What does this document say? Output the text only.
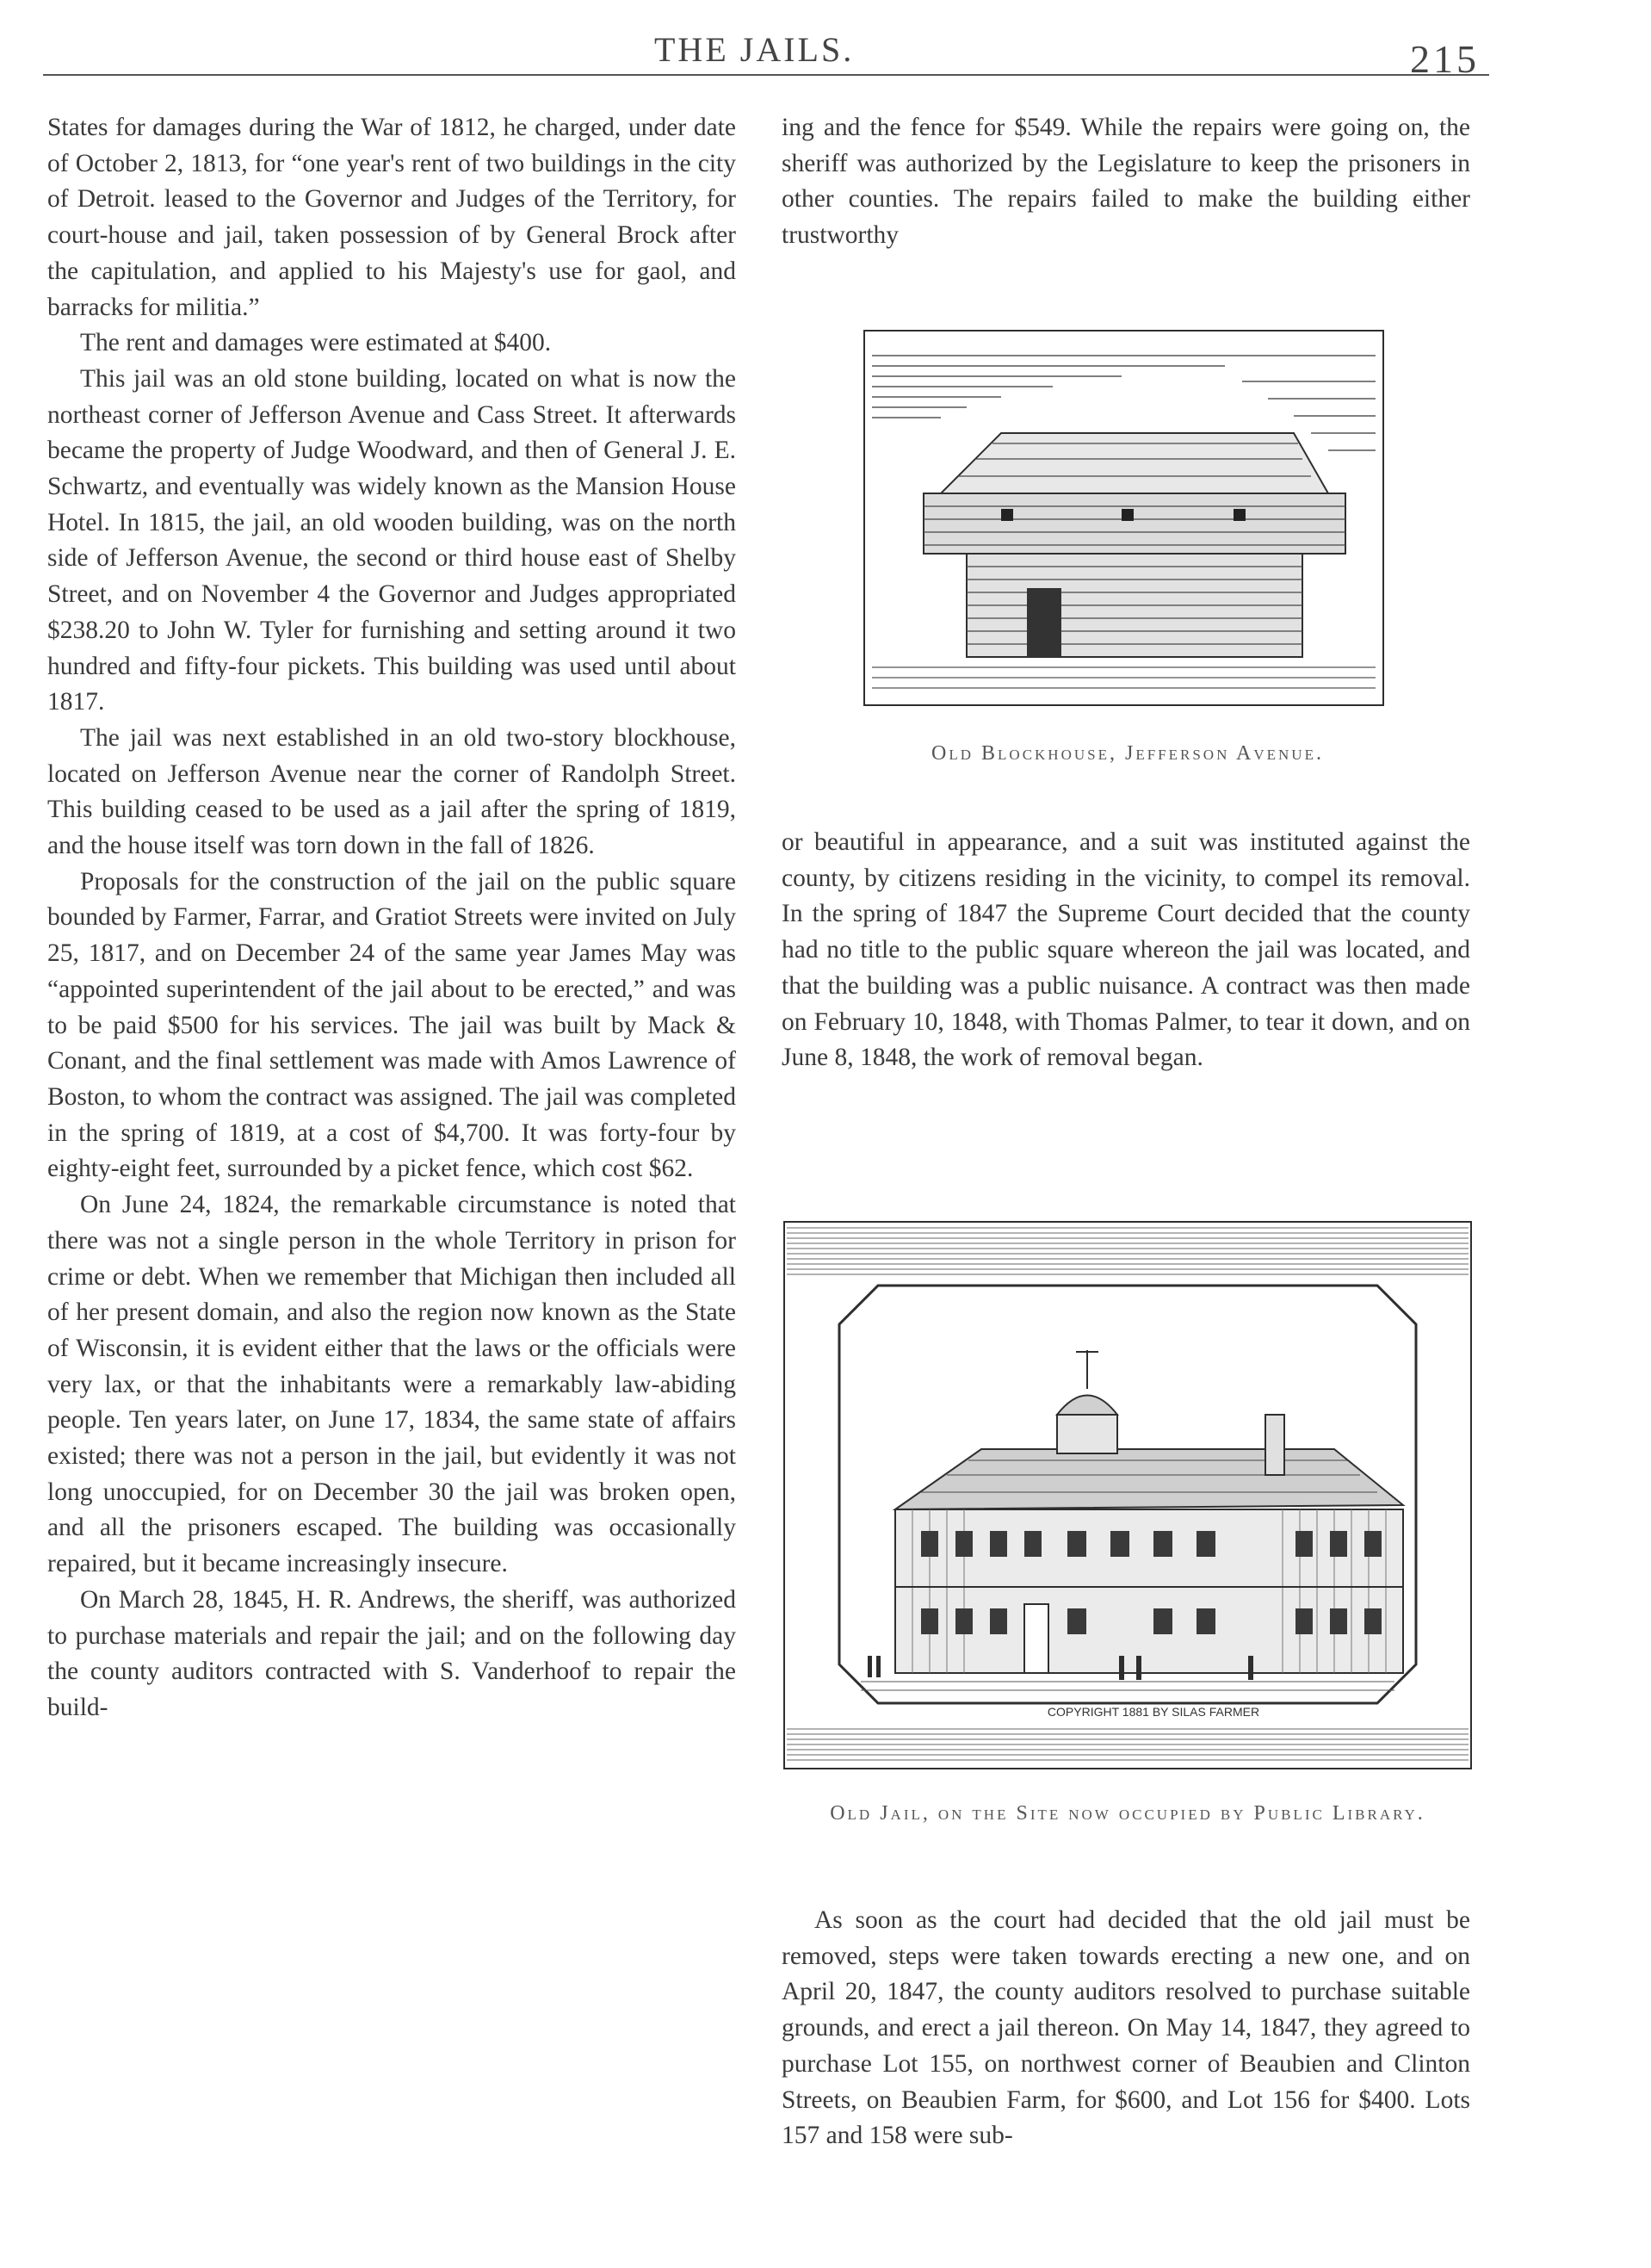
THE JAILS.	215

States for damages during the War of 1812, he charged, under date of October 2, 1813, for “one year's rent of two buildings in the city of Detroit. leased to the Governor and Judges of the Territory, for court-house and jail, taken possession of by General Brock after the capitulation, and applied to his Majesty's use for gaol, and barracks for militia.”

The rent and damages were estimated at $400.

This jail was an old stone building, located on what is now the northeast corner of Jefferson Avenue and Cass Street. It afterwards became the property of Judge Woodward, and then of General J. E. Schwartz, and eventually was widely known as the Mansion House Hotel. In 1815, the jail, an old wooden building, was on the north side of Jefferson Avenue, the second or third house east of Shelby Street, and on November 4 the Governor and Judges appropriated $238.20 to John W. Tyler for furnishing and setting around it two hundred and fifty-four pickets. This building was used until about 1817.

The jail was next established in an old two-story blockhouse, located on Jefferson Avenue near the corner of Randolph Street. This building ceased to be used as a jail after the spring of 1819, and the house itself was torn down in the fall of 1826.

Proposals for the construction of the jail on the public square bounded by Farmer, Farrar, and Gratiot Streets were invited on July 25, 1817, and on December 24 of the same year James May was “appointed superintendent of the jail about to be erected,” and was to be paid $500 for his services. The jail was built by Mack & Conant, and the final settlement was made with Amos Lawrence of Boston, to whom the contract was assigned. The jail was completed in the spring of 1819, at a cost of $4,700. It was forty-four by eighty-eight feet, surrounded by a picket fence, which cost $62.

On June 24, 1824, the remarkable circumstance is noted that there was not a single person in the whole Territory in prison for crime or debt. When we remember that Michigan then included all of her present domain, and also the region now known as the State of Wisconsin, it is evident either that the laws or the officials were very lax, or that the inhabitants were a remarkably law-abiding people. Ten years later, on June 17, 1834, the same state of affairs existed; there was not a person in the jail, but evidently it was not long unoccupied, for on December 30 the jail was broken open, and all the prisoners escaped. The building was occasionally repaired, but it became increasingly insecure.

On March 28, 1845, H. R. Andrews, the sheriff, was authorized to purchase materials and repair the jail; and on the following day the county auditors contracted with S. Vanderhoof to repair the build-

ing and the fence for $549. While the repairs were going on, the sheriff was authorized by the Legislature to keep the prisoners in other counties. The repairs failed to make the building either trustworthy

Old Blockhouse, Jefferson Avenue.

or beautiful in appearance, and a suit was instituted against the county, by citizens residing in the vicinity, to compel its removal. In the spring of 1847 the Supreme Court decided that the county had no title to the public square whereon the jail was located, and that the building was a public nuisance. A contract was then made on February 10, 1848, with Thomas Palmer, to tear it down, and on June 8, 1848, the work of removal began.

COPYRIGHT 1881 BY SILAS FARMER
Old Jail, on the Site now occupied by Public Library.

As soon as the court had decided that the old jail must be removed, steps were taken towards erecting a new one, and on April 20, 1847, the county auditors resolved to purchase suitable grounds, and erect a jail thereon. On May 14, 1847, they agreed to purchase Lot 155, on northwest corner of Beaubien and Clinton Streets, on Beaubien Farm, for $600, and Lot 156 for $400. Lots 157 and 158 were sub-
